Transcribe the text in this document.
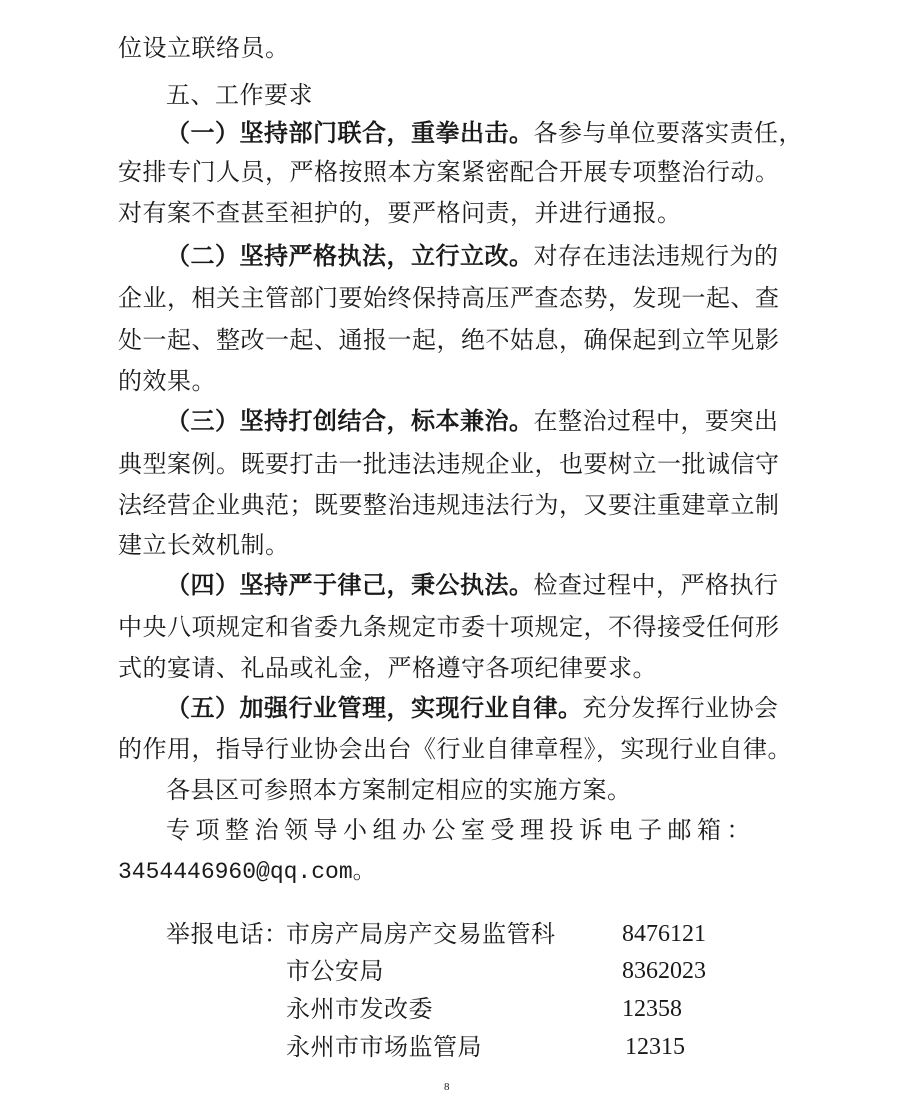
位设立联络员。
五、工作要求
（一）坚持部门联合，重拳出击。各参与单位要落实责任，
安排专门人员，严格按照本方案紧密配合开展专项整治行动。
对有案不查甚至袒护的，要严格问责，并进行通报。
（二）坚持严格执法，立行立改。对存在违法违规行为的
企业，相关主管部门要始终保持高压严查态势，发现一起、查
处一起、整改一起、通报一起，绝不姑息，确保起到立竿见影
的效果。
（三）坚持打创结合，标本兼治。在整治过程中，要突出
典型案例。既要打击一批违法违规企业，也要树立一批诚信守
法经营企业典范；既要整治违规违法行为，又要注重建章立制
建立长效机制。
（四）坚持严于律己，秉公执法。检查过程中，严格执行
中央八项规定和省委九条规定市委十项规定，不得接受任何形
式的宴请、礼品或礼金，严格遵守各项纪律要求。
（五）加强行业管理，实现行业自律。充分发挥行业协会
的作用，指导行业协会出台《行业自律章程》，实现行业自律。
各县区可参照本方案制定相应的实施方案。
专项整治领导小组办公室受理投诉电子邮箱：
3454446960@qq.com。
举报电话：
市房产局房产交易监管科	8476121
市公安局	8362023
永州市发改委	12358
永州市市场监管局	12315
8
